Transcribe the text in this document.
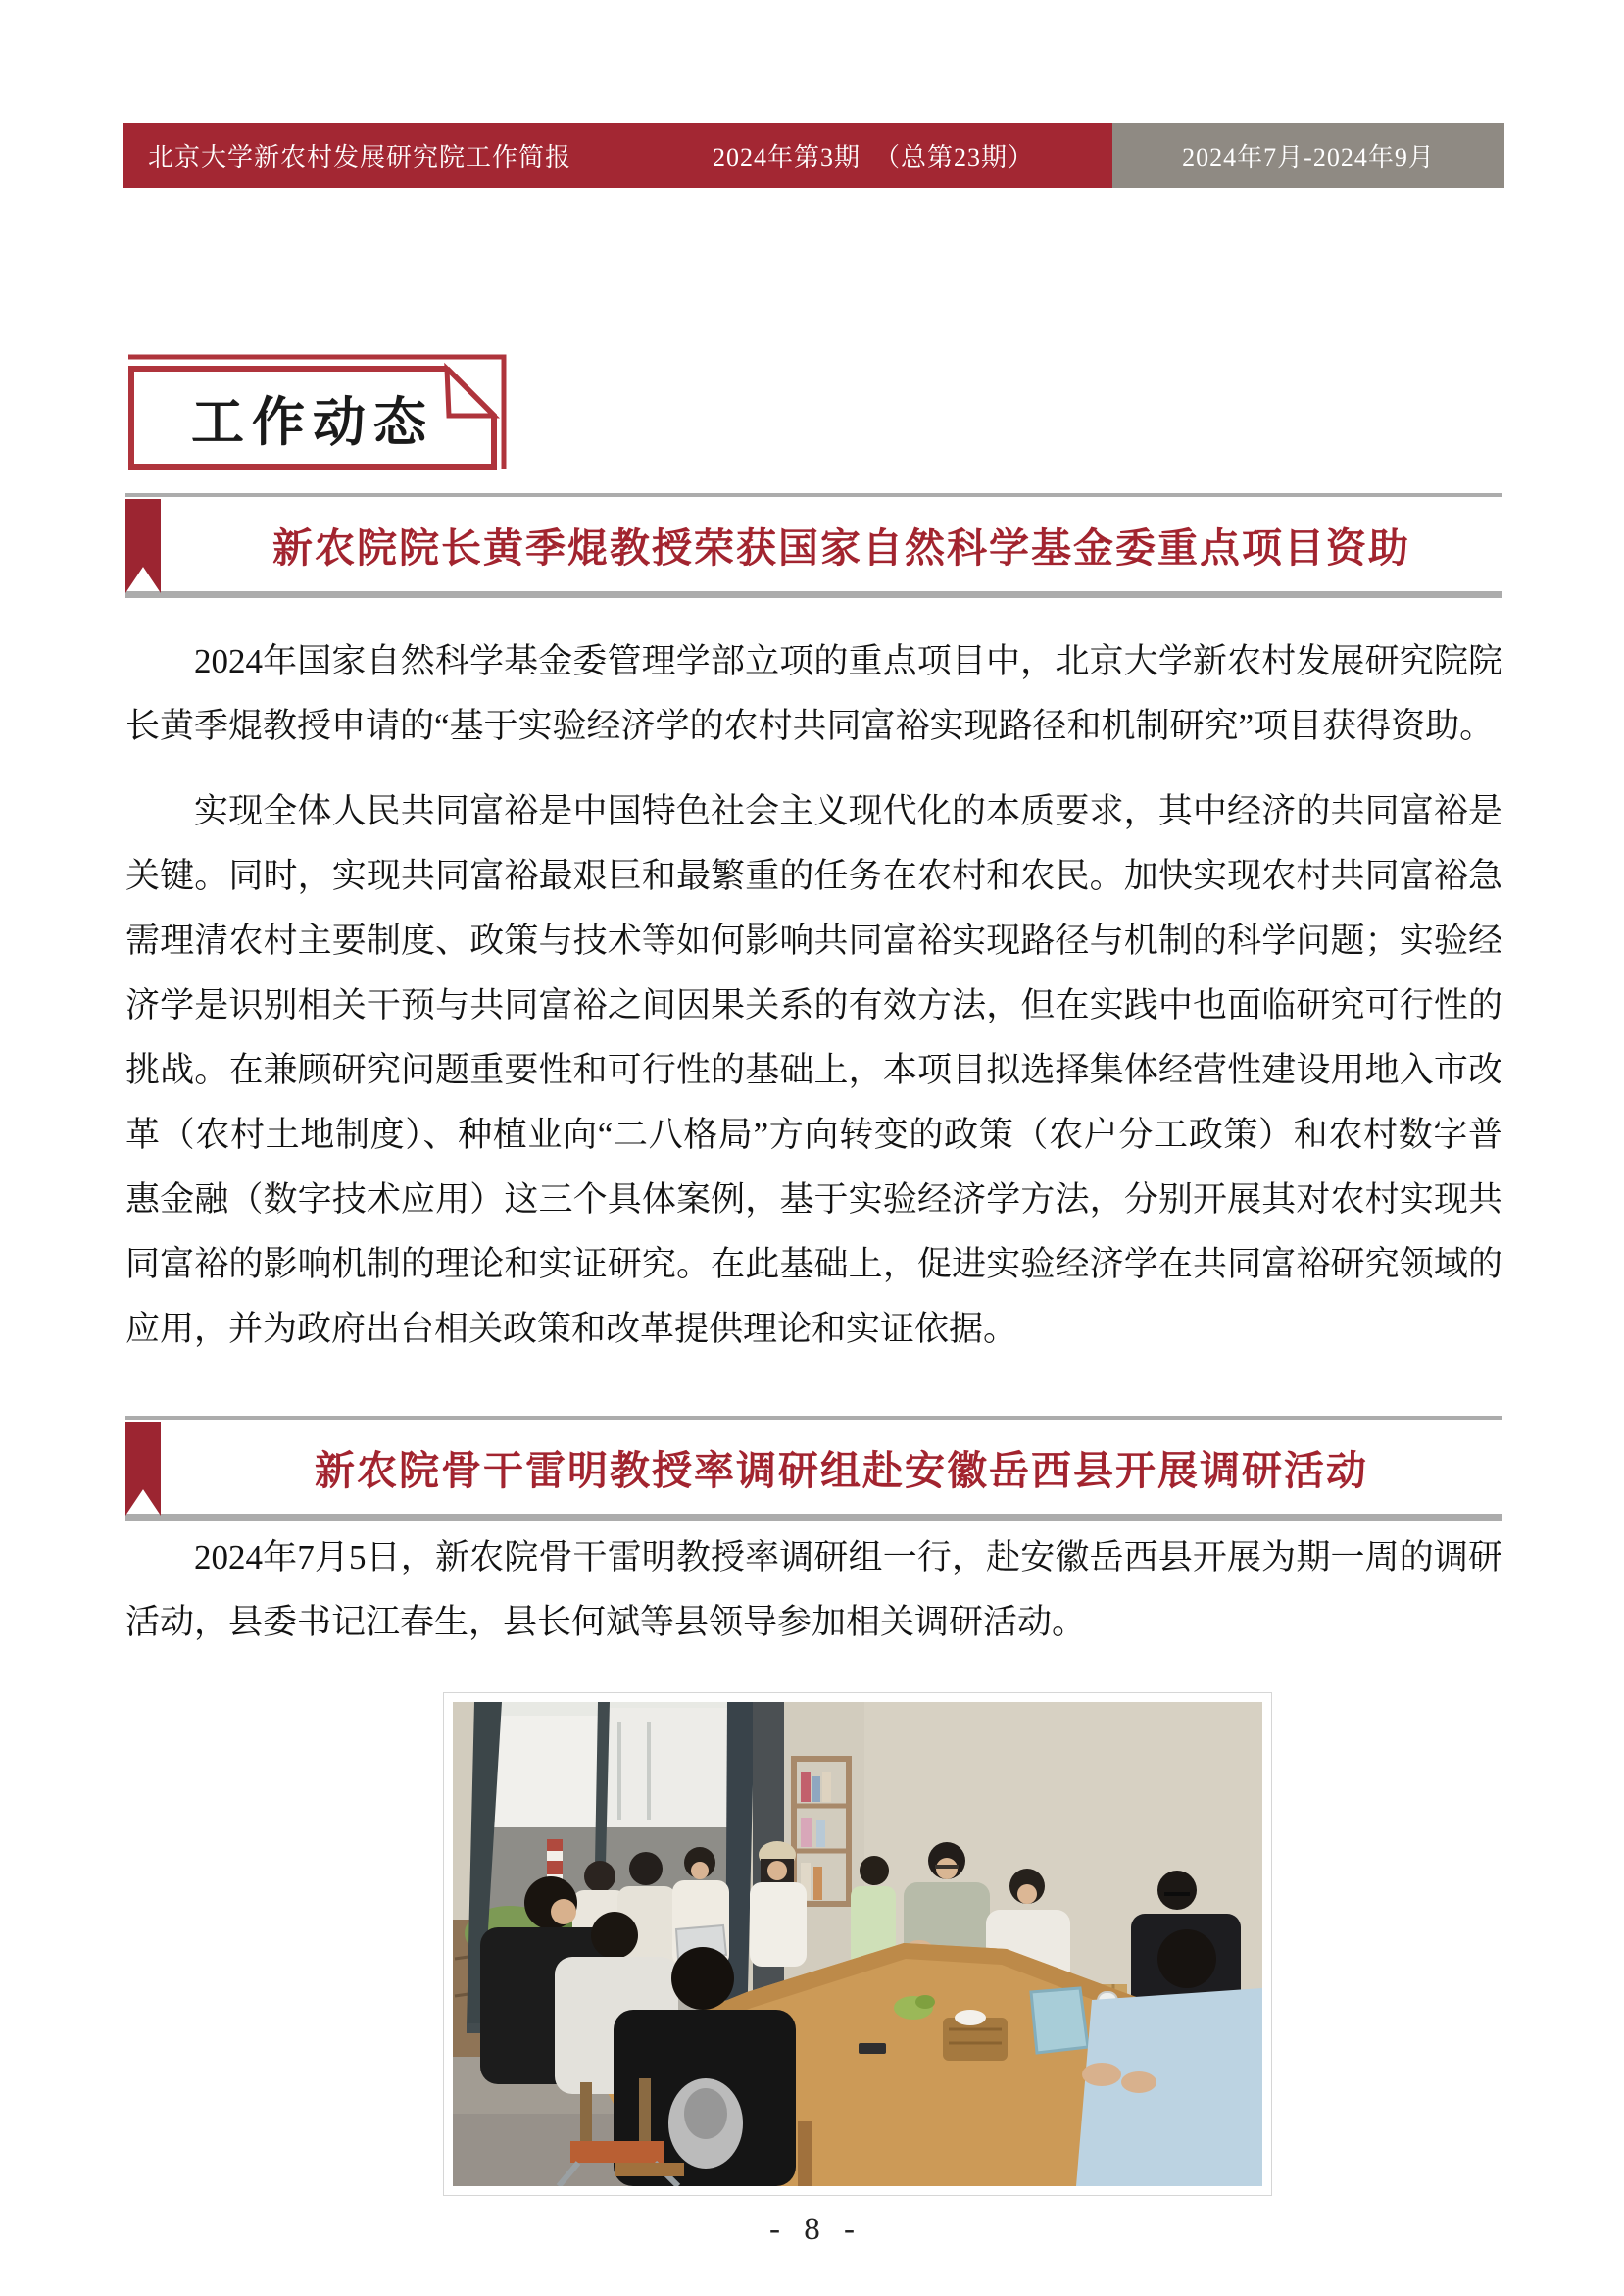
北京大学新农村发展研究院工作简报	2024年第3期　（总第23期）	2024年7月-2024年9月
工作动态
新农院院长黄季焜教授荣获国家自然科学基金委重点项目资助

2024年国家自然科学基金委管理学部立项的重点项目中，北京大学新农村发展研究院院长黄季焜教授申请的“基于实验经济学的农村共同富裕实现路径和机制研究”项目获得资助。

实现全体人民共同富裕是中国特色社会主义现代化的本质要求，其中经济的共同富裕是关键。同时，实现共同富裕最艰巨和最繁重的任务在农村和农民。加快实现农村共同富裕急需理清农村主要制度、政策与技术等如何影响共同富裕实现路径与机制的科学问题；实验经济学是识别相关干预与共同富裕之间因果关系的有效方法，但在实践中也面临研究可行性的挑战。在兼顾研究问题重要性和可行性的基础上，本项目拟选择集体经营性建设用地入市改革（农村土地制度）、种植业向“二八格局”方向转变的政策（农户分工政策）和农村数字普惠金融（数字技术应用）这三个具体案例，基于实验经济学方法，分别开展其对农村实现共同富裕的影响机制的理论和实证研究。在此基础上，促进实验经济学在共同富裕研究领域的应用，并为政府出台相关政策和改革提供理论和实证依据。

新农院骨干雷明教授率调研组赴安徽岳西县开展调研活动

2024年7月5日，新农院骨干雷明教授率调研组一行，赴安徽岳西县开展为期一周的调研活动，县委书记江春生，县长何斌等县领导参加相关调研活动。

- 8 -
